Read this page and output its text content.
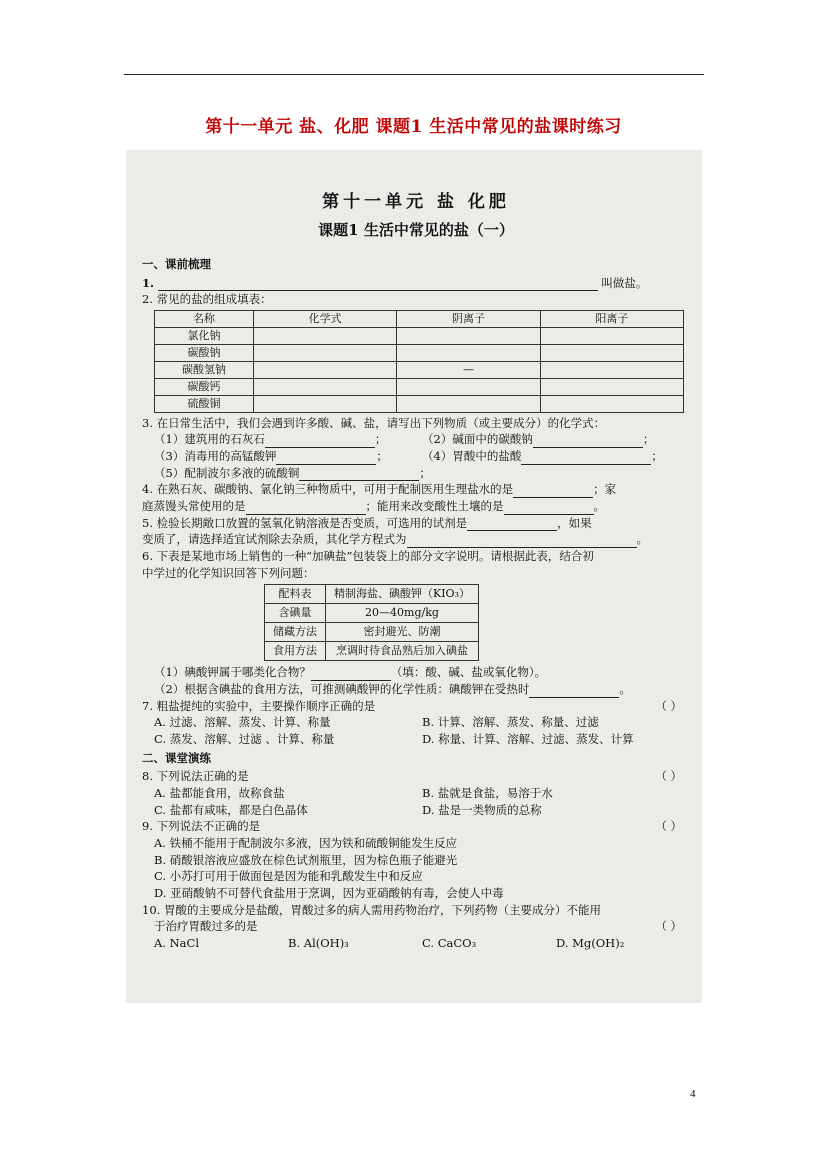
第十一单元 盐、化肥 课题1 生活中常见的盐课时练习
第十一单元 盐 化肥
课题1 生活中常见的盐（一）
一、课前梳理
1.	叫做盐。
2. 常见的盐的组成填表：
名称	化学式	阴离子	阳离子
氯化钠			
碳酸钠			
碳酸氢钠		—	
碳酸钙			
硫酸铜			
3. 在日常生活中，我们会遇到许多酸、碱、盐，请写出下列物质（或主要成分）的化学式：
（1）建筑用的石灰石	；	（2）碱面中的碳酸钠	；
（3）消毒用的高锰酸钾	；	（4）胃酸中的盐酸	；
（5）配制波尔多液的硫酸铜	；
4. 在熟石灰、碳酸钠、氯化钠三种物质中，可用于配制医用生理盐水的是	；家
庭蒸馒头常使用的是	；能用来改变酸性土壤的是	。
5. 检验长期敞口放置的氢氧化钠溶液是否变质，可选用的试剂是	，如果
变质了，请选择适宜试剂除去杂质，其化学方程式为	。
6. 下表是某地市场上销售的一种“加碘盐”包装袋上的部分文字说明。请根据此表，结合初
中学过的化学知识回答下列问题：
配料表	精制海盐、碘酸钾（KIO₃）
含碘量	20—40mg/kg
储藏方法	密封避光、防潮
食用方法	烹调时待食品熟后加入碘盐
（1）碘酸钾属于哪类化合物？	（填：酸、碱、盐或氧化物）。
（2）根据含碘盐的食用方法，可推测碘酸钾的化学性质：碘酸钾在受热时	。
7. 粗盐提纯的实验中，主要操作顺序正确的是	（ ）
A. 过滤、溶解、蒸发、计算、称量	B. 计算、溶解、蒸发、称量、过滤
C. 蒸发、溶解、过滤 、计算、称量	D. 称量、计算、溶解、过滤、蒸发、计算
二、课堂演练
8. 下列说法正确的是	（ ）
A. 盐都能食用，故称食盐	B. 盐就是食盐，易溶于水
C. 盐都有咸味，都是白色晶体	D. 盐是一类物质的总称
9. 下列说法不正确的是	（ ）
A. 铁桶不能用于配制波尔多液，因为铁和硫酸铜能发生反应
B. 硝酸银溶液应盛放在棕色试剂瓶里，因为棕色瓶子能避光
C. 小苏打可用于做面包是因为能和乳酸发生中和反应
D. 亚硝酸钠不可替代食盐用于烹调，因为亚硝酸钠有毒，会使人中毒
10. 胃酸的主要成分是盐酸，胃酸过多的病人需用药物治疗，下列药物（主要成分）不能用
于治疗胃酸过多的是	（ ）
A. NaCl	B. Al(OH)₃	C. CaCO₃	D. Mg(OH)₂
4
